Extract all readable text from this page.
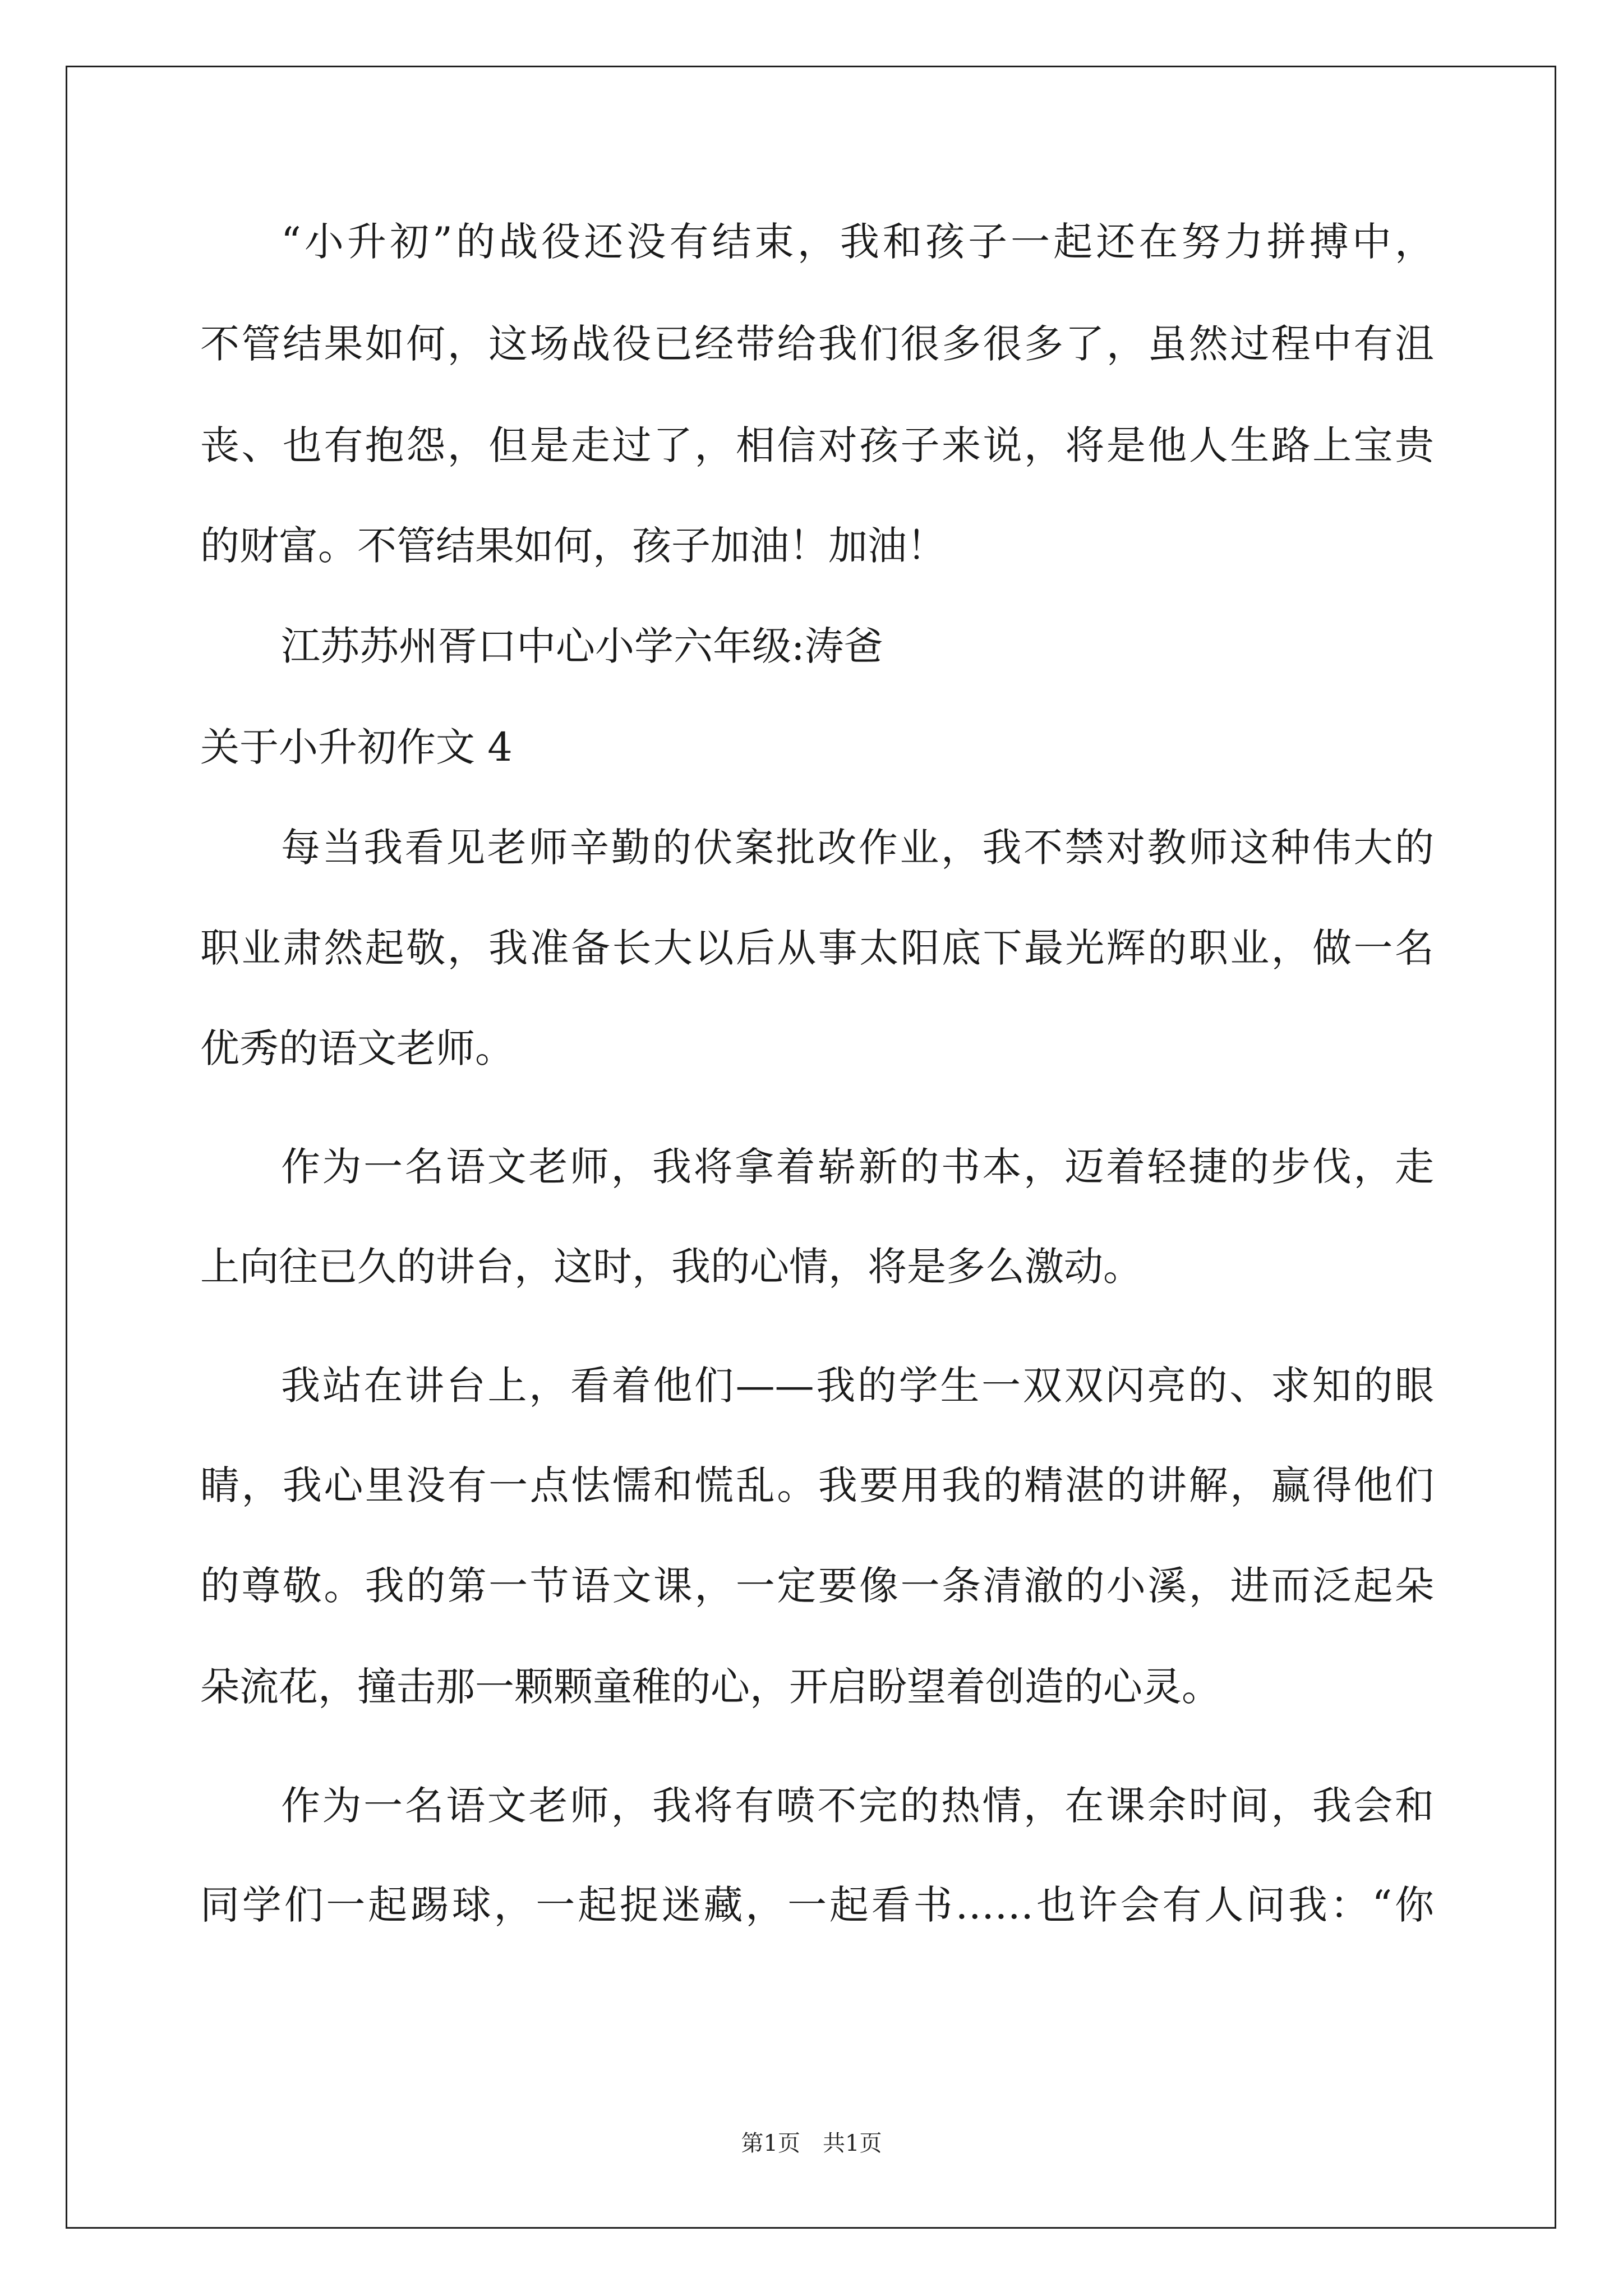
“小升初”的战役还没有结束，我和孩子一起还在努力拼搏中，
不管结果如何，这场战役已经带给我们很多很多了，虽然过程中有沮
丧、也有抱怨，但是走过了，相信对孩子来说，将是他人生路上宝贵
的财富。不管结果如何，孩子加油！加油！
江苏苏州胥口中心小学六年级:涛爸
关于小升初作文 4
每当我看见老师辛勤的伏案批改作业，我不禁对教师这种伟大的
职业肃然起敬，我准备长大以后从事太阳底下最光辉的职业，做一名
优秀的语文老师。
作为一名语文老师，我将拿着崭新的书本，迈着轻捷的步伐，走
上向往已久的讲台，这时，我的心情，将是多么激动。
我站在讲台上，看着他们——我的学生一双双闪亮的、求知的眼
睛，我心里没有一点怯懦和慌乱。我要用我的精湛的讲解，赢得他们
的尊敬。我的第一节语文课，一定要像一条清澈的小溪，进而泛起朵
朵流花，撞击那一颗颗童稚的心，开启盼望着创造的心灵。
作为一名语文老师，我将有喷不完的热情，在课余时间，我会和
同学们一起踢球，一起捉迷藏，一起看书……也许会有人问我：“你
第1页　共1页
